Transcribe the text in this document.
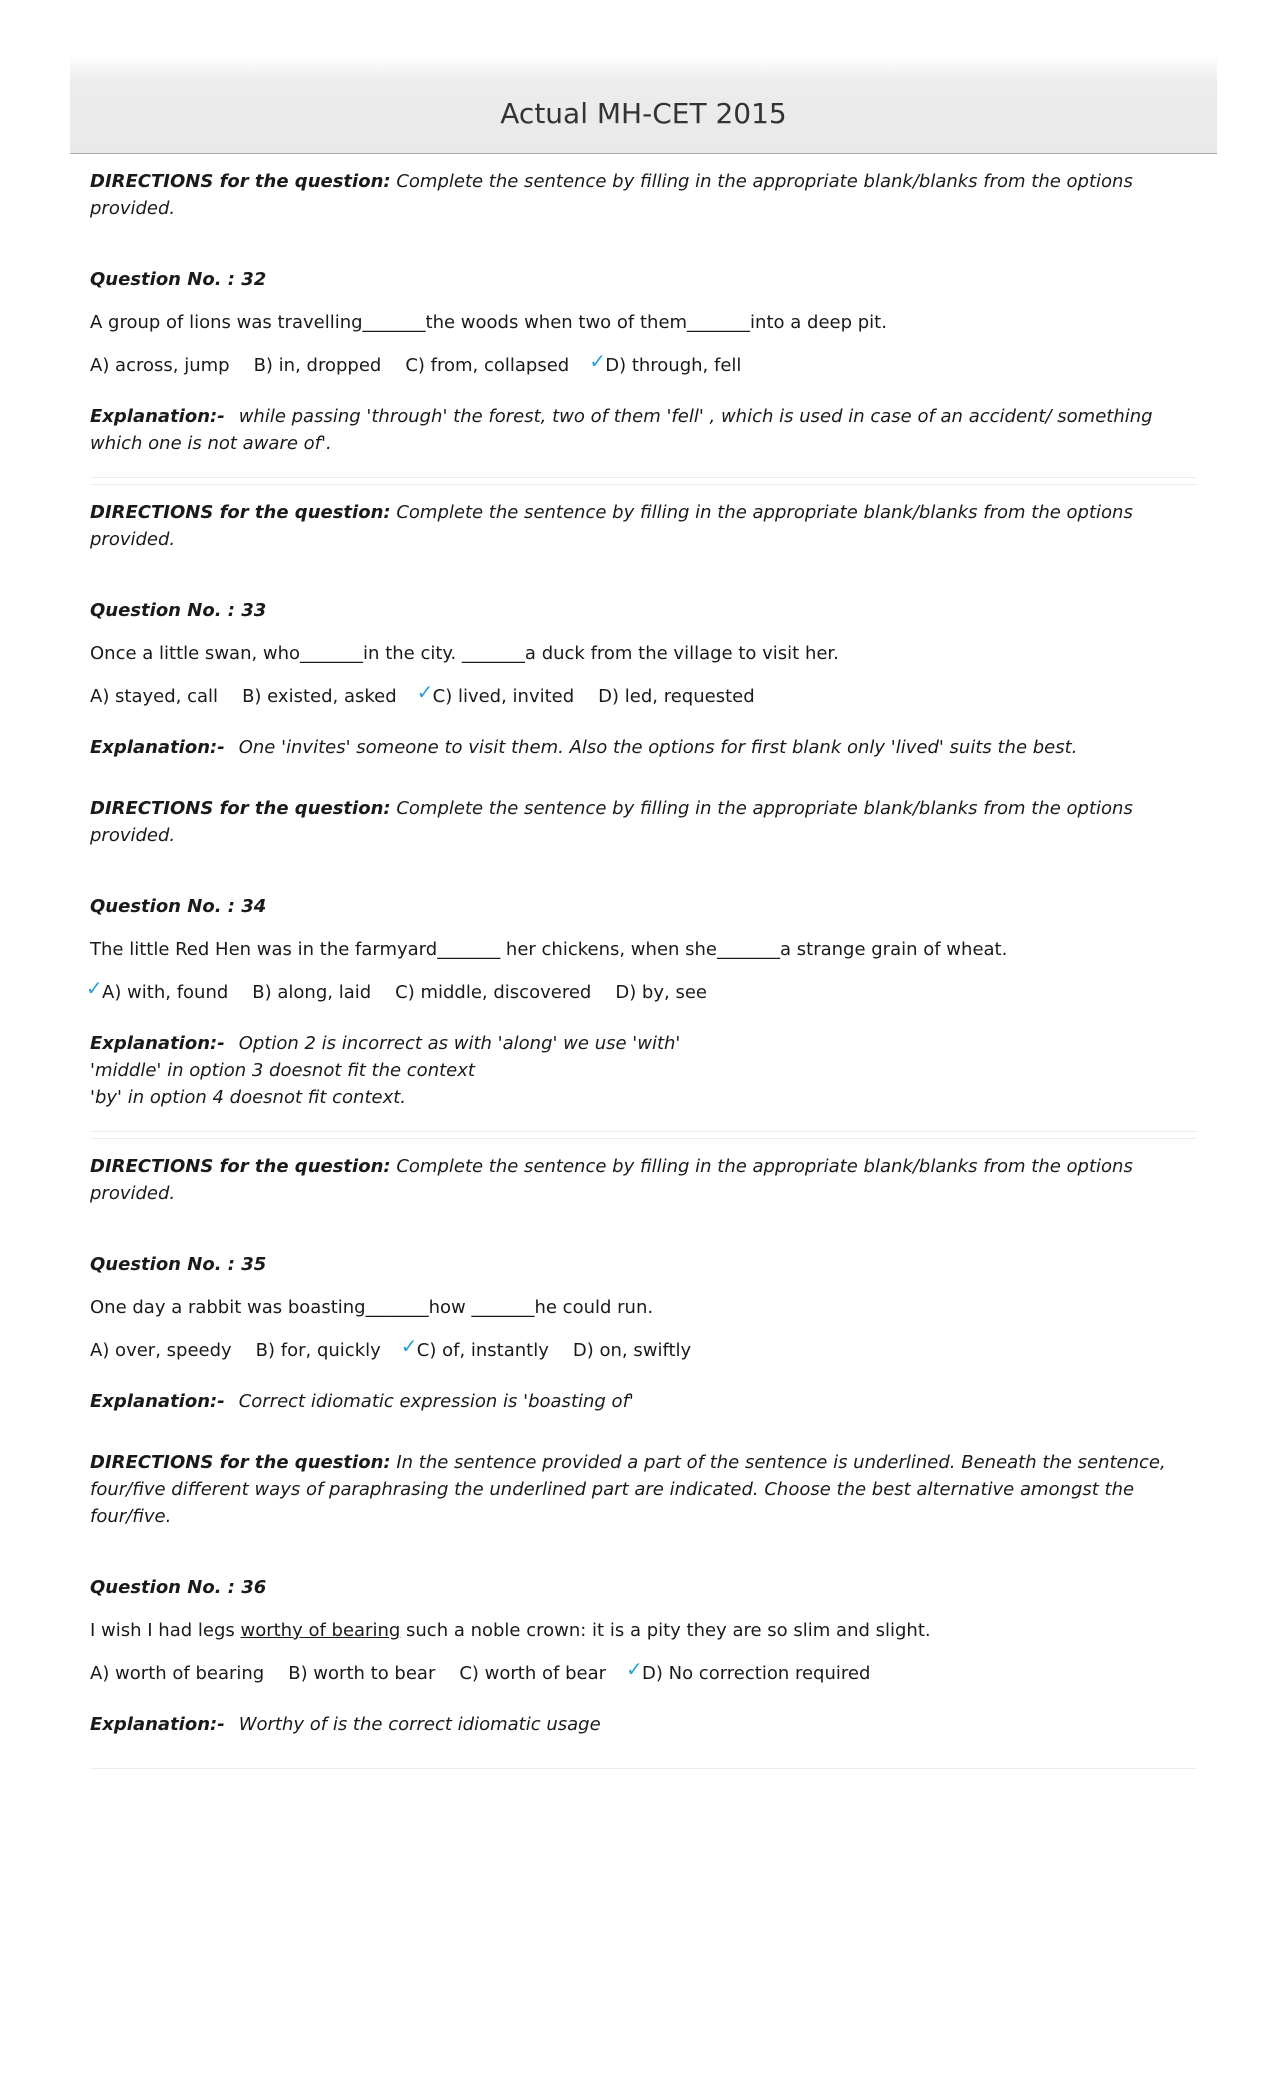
Actual MH-CET 2015

DIRECTIONS for the question: Complete the sentence by filling in the appropriate blank/blanks from the options provided.

Question No. : 32

A group of lions was travelling_______the woods when two of them_______into a deep pit.

A) across, jump B) in, dropped C) from, collapsed ✓ D) through, fell

Explanation:- while passing 'through' the forest, two of them 'fell' , which is used in case of an accident/ something which one is not aware of'.

DIRECTIONS for the question: Complete the sentence by filling in the appropriate blank/blanks from the options provided.

Question No. : 33

Once a little swan, who_______in the city. _______a duck from the village to visit her.

A) stayed, call B) existed, asked ✓ C) lived, invited D) led, requested

Explanation:- One 'invites' someone to visit them. Also the options for first blank only 'lived' suits the best.

DIRECTIONS for the question: Complete the sentence by filling in the appropriate blank/blanks from the options provided.

Question No. : 34

The little Red Hen was in the farmyard_______ her chickens, when she_______a strange grain of wheat.

✓ A) with, found B) along, laid C) middle, discovered D) by, see

Explanation:- Option 2 is incorrect as with 'along' we use 'with'
'middle' in option 3 doesnot fit the context
'by' in option 4 doesnot fit context.

DIRECTIONS for the question: Complete the sentence by filling in the appropriate blank/blanks from the options provided.

Question No. : 35

One day a rabbit was boasting_______how _______he could run.

A) over, speedy B) for, quickly ✓ C) of, instantly D) on, swiftly

Explanation:- Correct idiomatic expression is 'boasting of'

DIRECTIONS for the question: In the sentence provided a part of the sentence is underlined. Beneath the sentence, four/five different ways of paraphrasing the underlined part are indicated. Choose the best alternative amongst the four/five.

Question No. : 36

I wish I had legs worthy of bearing such a noble crown: it is a pity they are so slim and slight.

A) worth of bearing B) worth to bear C) worth of bear ✓ D) No correction required

Explanation:- Worthy of is the correct idiomatic usage
